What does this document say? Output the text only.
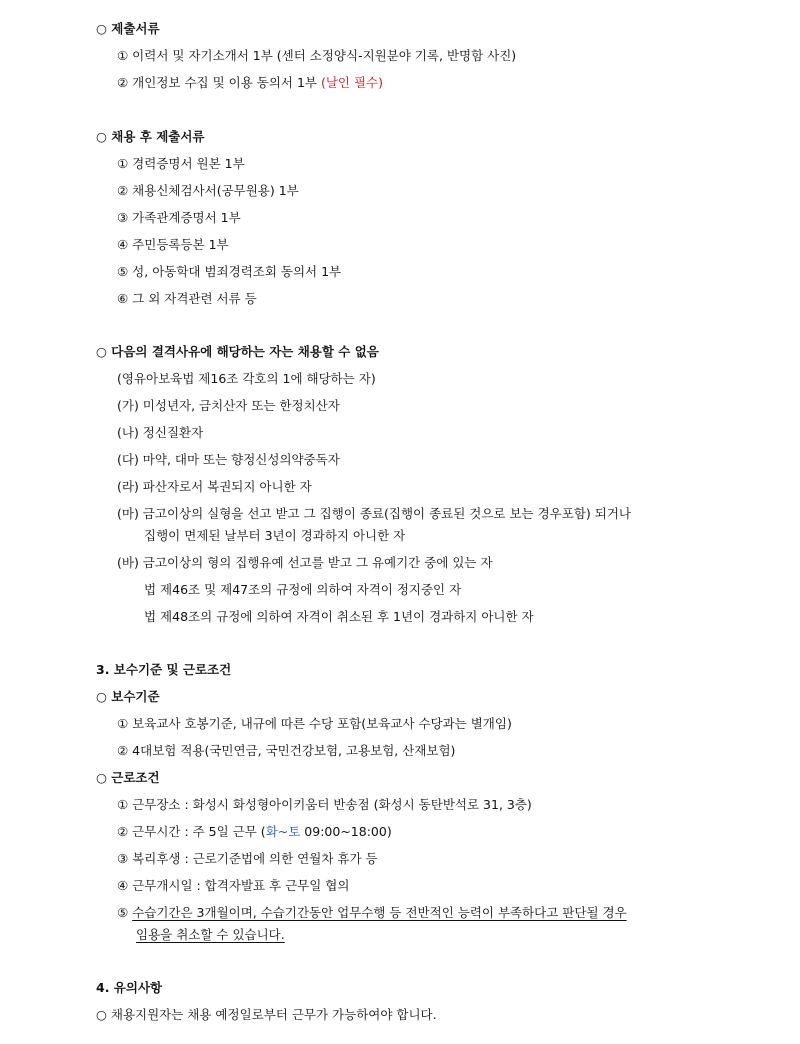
○ 제출서류
① 이력서 및 자기소개서 1부 (센터 소정양식-지원분야 기록, 반명함 사진)
② 개인정보 수집 및 이용 동의서 1부 (날인 필수)
○ 채용 후 제출서류
① 경력증명서 원본 1부
② 채용신체검사서(공무원용) 1부
③ 가족관계증명서 1부
④ 주민등록등본 1부
⑤ 성, 아동학대 범죄경력조회 동의서 1부
⑥ 그 외 자격관련 서류 등
○ 다음의 결격사유에 해당하는 자는 채용할 수 없음
(영유아보육법 제16조 각호의 1에 해당하는 자)
(가) 미성년자, 금치산자 또는 한정치산자
(나) 정신질환자
(다) 마약, 대마 또는 향정신성의약중독자
(라) 파산자로서 복권되지 아니한 자
(마) 금고이상의 실형을 선고 받고 그 집행이 종료(집행이 종료된 것으로 보는 경우포함) 되거나
집행이 면제된 날부터 3년이 경과하지 아니한 자
(바) 금고이상의 형의 집행유예 선고를 받고 그 유예기간 중에 있는 자
법 제46조 및 제47조의 규정에 의하여 자격이 정지중인 자
법 제48조의 규정에 의하여 자격이 취소된 후 1년이 경과하지 아니한 자
3. 보수기준 및 근로조건
○ 보수기준
① 보육교사 호봉기준, 내규에 따른 수당 포함(보육교사 수당과는 별개임)
② 4대보험 적용(국민연금, 국민건강보험, 고용보험, 산재보험)
○ 근로조건
① 근무장소 : 화성시 화성형아이키움터 반송점 (화성시 동탄반석로 31, 3층)
② 근무시간 : 주 5일 근무 (화~토 09:00~18:00)
③ 복리후생 : 근로기준법에 의한 연월차 휴가 등
④ 근무개시일 : 합격자발표 후 근무일 협의
⑤ 수습기간은 3개월이며, 수습기간동안 업무수행 등 전반적인 능력이 부족하다고 판단될 경우
임용을 취소할 수 있습니다.
4. 유의사항
○ 채용지원자는 채용 예정일로부터 근무가 가능하여야 합니다.
